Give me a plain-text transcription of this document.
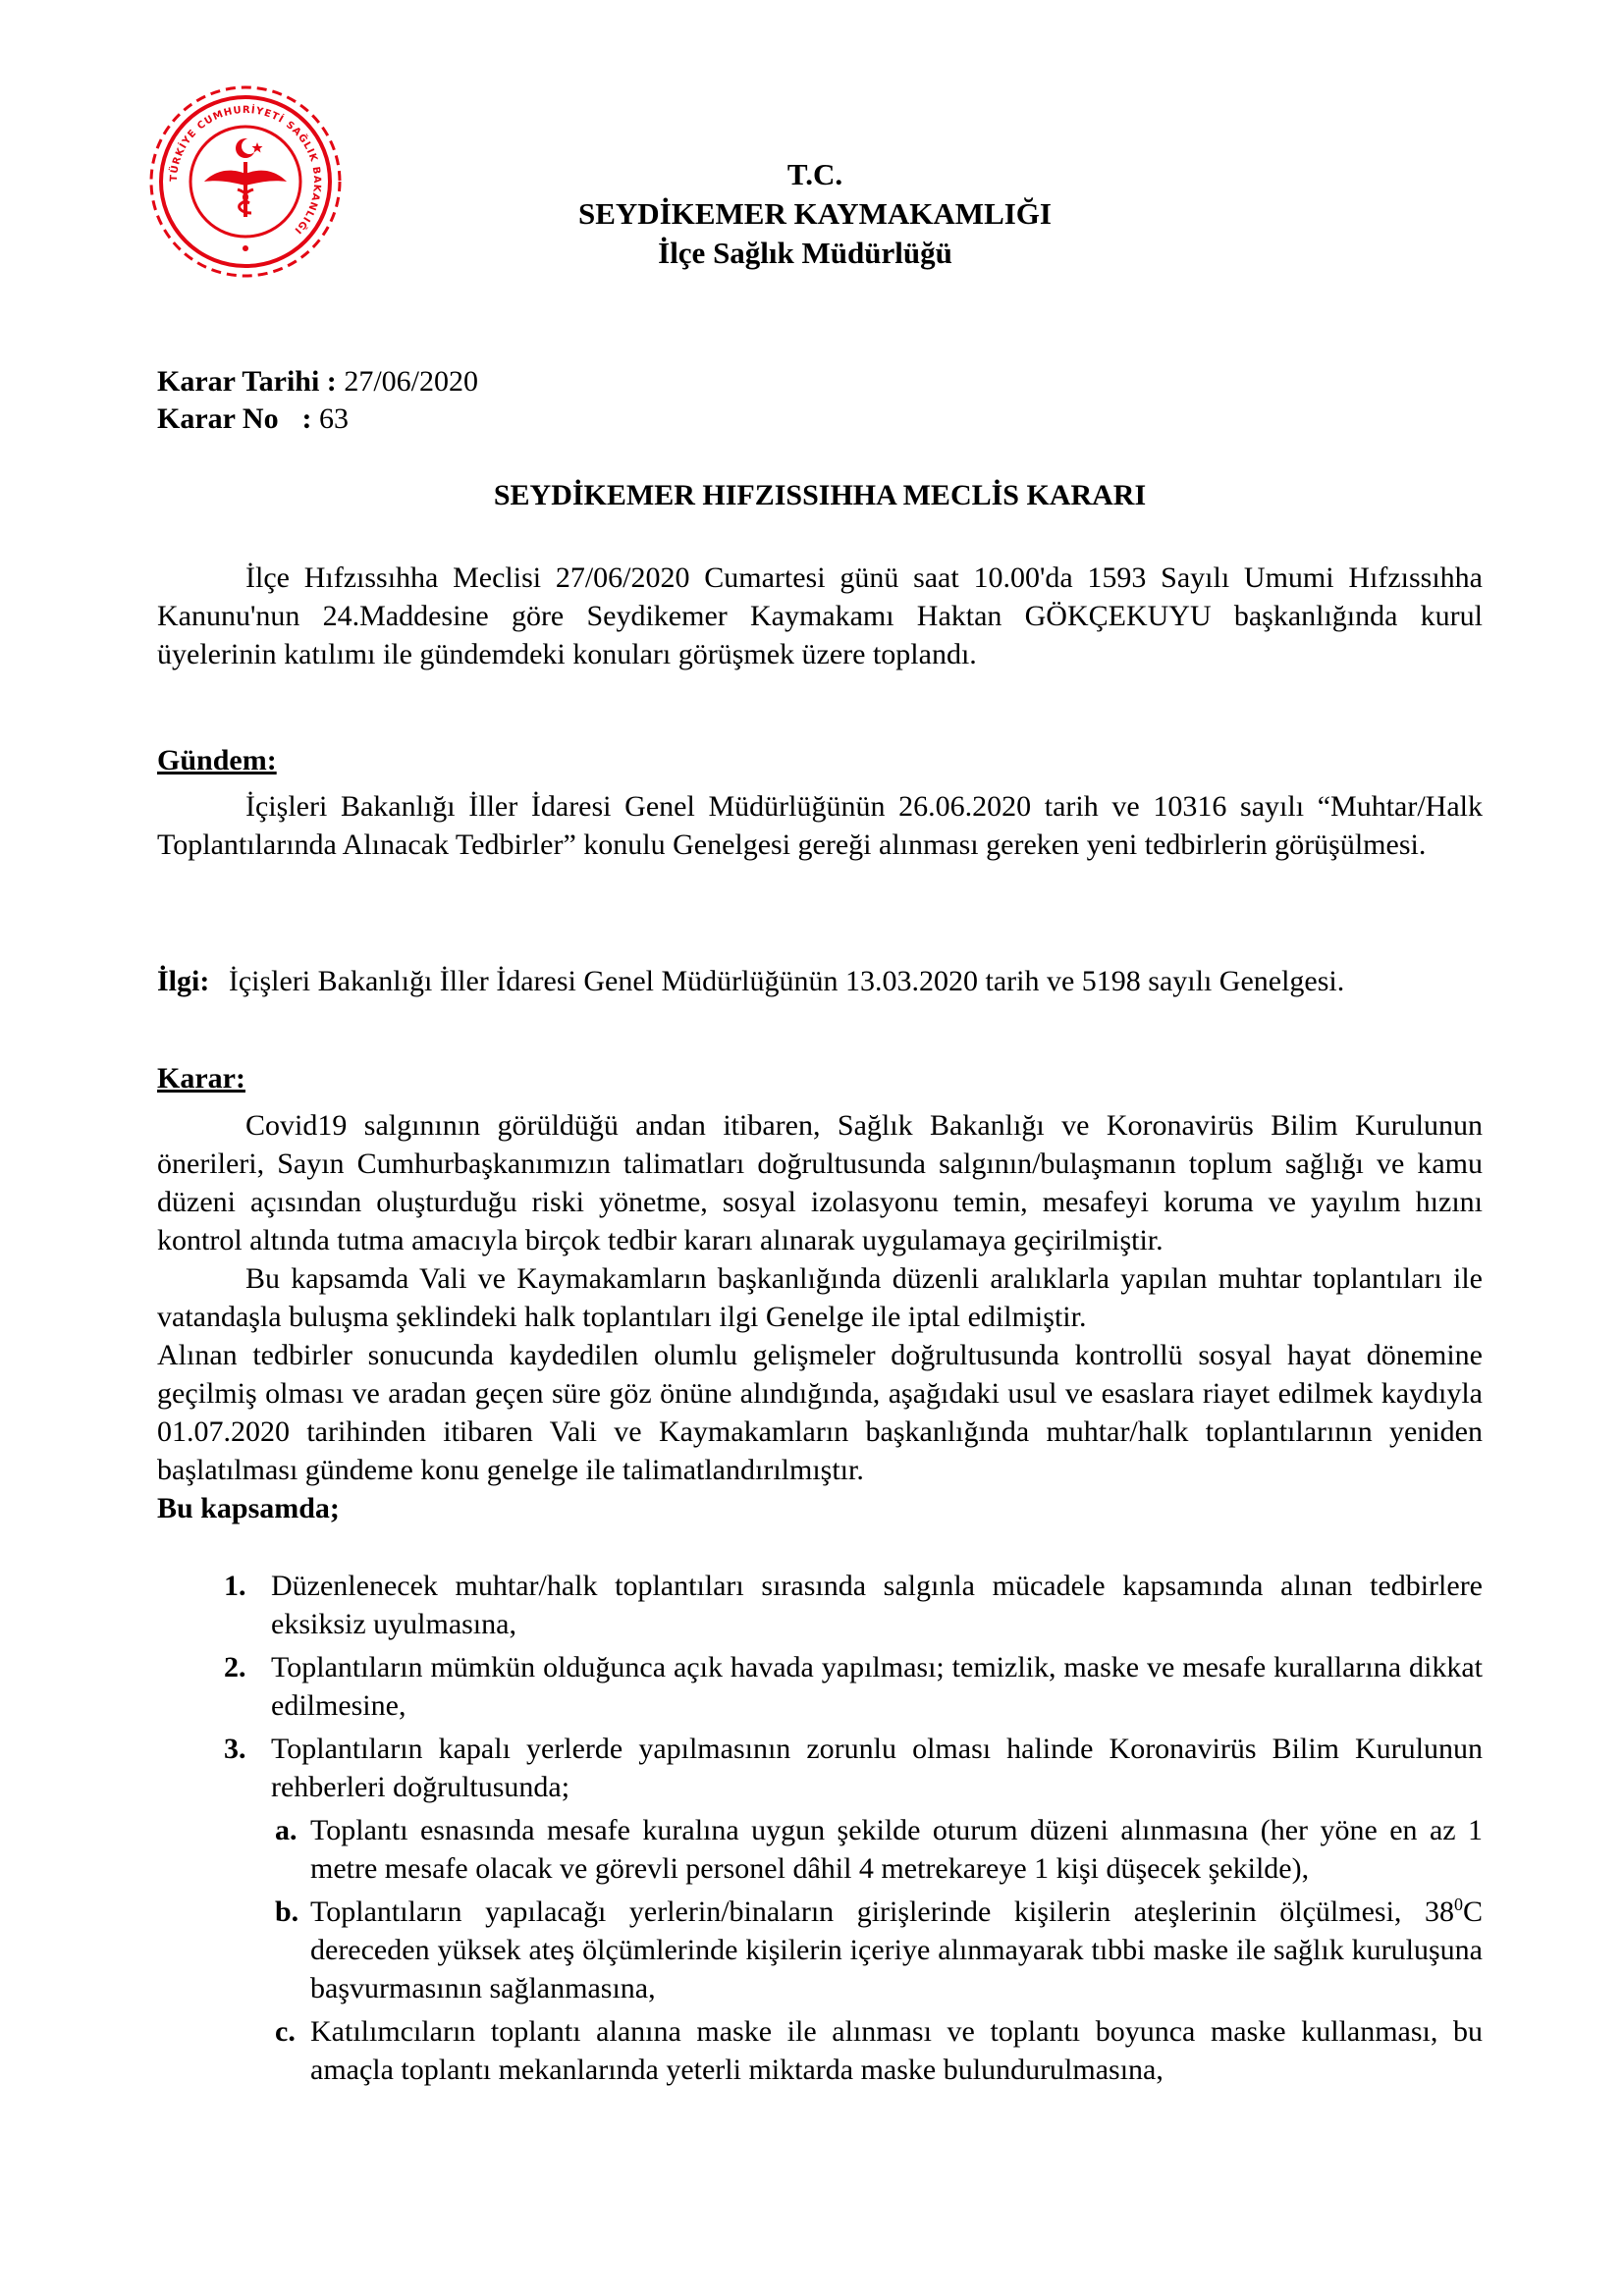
TÜRKİYE CUMHURİYETİ SAĞLIK BAKANLIĞI
T.C.
SEYDİKEMER KAYMAKAMLIĞI
İlçe Sağlık Müdürlüğü
Karar Tarihi : 27/06/2020
Karar No : 63
SEYDİKEMER HIFZISSIHHA MECLİS KARARI
İlçe Hıfzıssıhha Meclisi 27/06/2020 Cumartesi günü saat 10.00'da 1593 Sayılı Umumi Hıfzıssıhha Kanunu'nun 24.Maddesine göre Seydikemer Kaymakamı Haktan GÖKÇEKUYU başkanlığında kurul üyelerinin katılımı ile gündemdeki konuları görüşmek üzere toplandı.
Gündem:
İçişleri Bakanlığı İller İdaresi Genel Müdürlüğünün 26.06.2020 tarih ve 10316 sayılı “Muhtar/Halk Toplantılarında Alınacak Tedbirler” konulu Genelgesi gereği alınması gereken yeni tedbirlerin görüşülmesi.
İlgi: İçişleri Bakanlığı İller İdaresi Genel Müdürlüğünün 13.03.2020 tarih ve 5198 sayılı Genelgesi.
Karar:

Covid19 salgınının görüldüğü andan itibaren, Sağlık Bakanlığı ve Koronavirüs Bilim Kurulunun önerileri, Sayın Cumhurbaşkanımızın talimatları doğrultusunda salgının/bulaşmanın toplum sağlığı ve kamu düzeni açısından oluşturduğu riski yönetme, sosyal izolasyonu temin, mesafeyi koruma ve yayılım hızını kontrol altında tutma amacıyla birçok tedbir kararı alınarak uygulamaya geçirilmiştir.

Bu kapsamda Vali ve Kaymakamların başkanlığında düzenli aralıklarla yapılan muhtar toplantıları ile vatandaşla buluşma şeklindeki halk toplantıları ilgi Genelge ile iptal edilmiştir.

Alınan tedbirler sonucunda kaydedilen olumlu gelişmeler doğrultusunda kontrollü sosyal hayat dönemine geçilmiş olması ve aradan geçen süre göz önüne alındığında, aşağıdaki usul ve esaslara riayet edilmek kaydıyla 01.07.2020 tarihinden itibaren Vali ve Kaymakamların başkanlığında muhtar/halk toplantılarının yeniden başlatılması gündeme konu genelge ile talimatlandırılmıştır.

Bu kapsamda;

1. Düzenlenecek muhtar/halk toplantıları sırasında salgınla mücadele kapsamında alınan tedbirlere eksiksiz uyulmasına,
2. Toplantıların mümkün olduğunca açık havada yapılması; temizlik, maske ve mesafe kurallarına dikkat edilmesine,
3. Toplantıların kapalı yerlerde yapılmasının zorunlu olması halinde Koronavirüs Bilim Kurulunun rehberleri doğrultusunda;
a. Toplantı esnasında mesafe kuralına uygun şekilde oturum düzeni alınmasına (her yöne en az 1 metre mesafe olacak ve görevli personel dâhil 4 metrekareye 1 kişi düşecek şekilde),
b. Toplantıların yapılacağı yerlerin/binaların girişlerinde kişilerin ateşlerinin ölçülmesi, $38^0C$ dereceden yüksek ateş ölçümlerinde kişilerin içeriye alınmayarak tıbbi maske ile sağlık kuruluşuna başvurmasının sağlanmasına,
c. Katılımcıların toplantı alanına maske ile alınması ve toplantı boyunca maske kullanması, bu amaçla toplantı mekanlarında yeterli miktarda maske bulundurulmasına,
